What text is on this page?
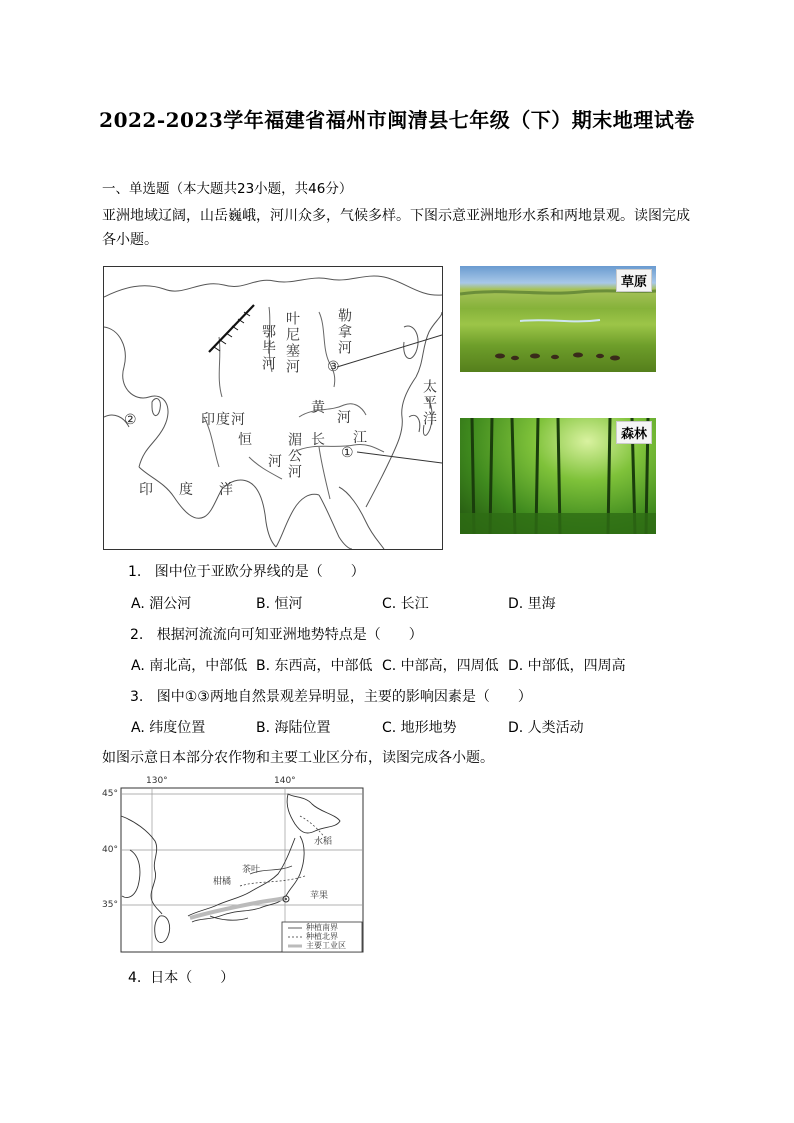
2022-2023学年福建省福州市闽清县七年级（下）期末地理试卷
一、单选题（本大题共23小题，共46分）
亚洲地域辽阔，山岳巍峨，河川众多，气候多样。下图示意亚洲地形水系和两地景观。读图完成各小题。
鄂毕河 叶尼塞河	勒拿河
③
②
①
印度河
黄
河
长 江
恒
河 湄公河
太平洋
印　度　洋
草原
森林
1. 图中位于亚欧分界线的是（　　）
A. 湄公河	B. 恒河	C. 长江	D. 里海
2. 根据河流流向可知亚洲地势特点是（　　）
A. 南北高，中部低 B. 东西高，中部低 C. 中部高，四周低 D. 中部低，四周高
3. 图中①③两地自然景观差异明显，主要的影响因素是（　　）
A. 纬度位置	B. 海陆位置	C. 地形地势	D. 人类活动
如图示意日本部分农作物和主要工业区分布，读图完成各小题。
130°	140°
45°
40°
35°
水稻
茶叶
柑橘
苹果
种植南界
种植北界
主要工业区
4. 日本（　　）
